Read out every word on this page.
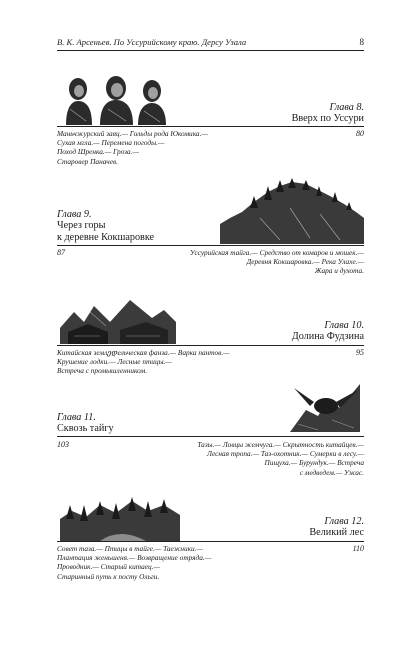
В. К. Арсеньев. По Уссурийскому краю. Дерсу Узала	8
Глава 8.
Вверх по Уссури
80
Маньчжурский заяц.— Гольды рода Юкомика.—
Сухая мгла.— Перемена погоды.—
Поход Шренка.— Гроза.—
Старовер Паначев.
Глава 9.
Через горы
к деревне Кокшаровке
87	Уссурийская тайга.— Средство от комаров и мошек.—
Деревня Кокшаровка.— Река Улахе.—
Жара и духота.
Глава 10.
Долина Фудзина
95
Китайская землედельческая фанза.— Варка пантов.—
Крушение лодки.— Лесные птицы.—
Встреча с промышленником.
Глава 11.
Сквозь тайгу
103	Тазы.— Ловцы жемчуга.— Скрытность китайцев.—
Лесная тропа.— Таз-охотник.— Сумерки в лесу.—
Пищуха.— Бурундук.— Встреча
с медведем.— Ужас.
Глава 12.
Великий лес
110
Совет таза.— Птицы в тайге.— Таежники.—
Плантация женьшеня.— Возвращение отряда.—
Проводник.— Старый китаец.—
Старинный путь к посту Ольги.
